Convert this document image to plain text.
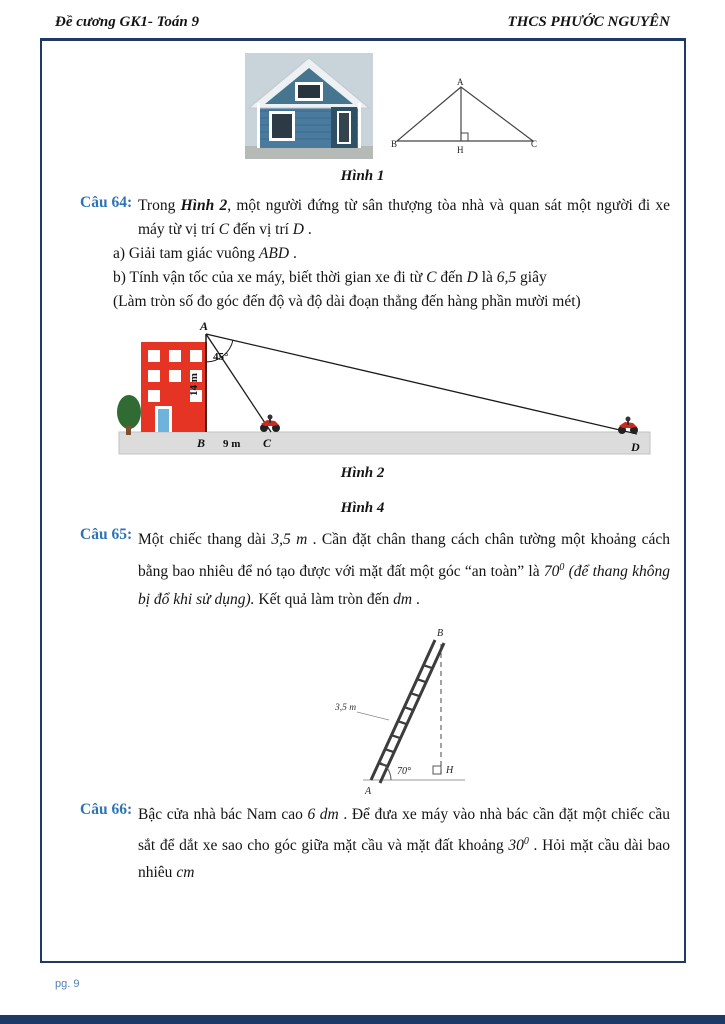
pg. 9
Đề cương GK1- Toán 9	THCS PHƯỚC NGUYÊN
A
B
H
C
Hình 1
Câu 64: Trong Hình 2, một người đứng từ sân thượng tòa nhà và quan sát một người đi xe máy từ vị trí C đến vị trí D .

a) Giải tam giác vuông ABD .

b) Tính vận tốc của xe máy, biết thời gian xe đi từ C đến D là 6,5 giây

(Làm tròn số đo góc đến độ và độ dài đoạn thẳng đến hàng phần mười mét)

A
45°
14 m
B 9 m C	D
Hình 2
Hình 4
Câu 65: Một chiếc thang dài 3,5 m . Cần đặt chân thang cách chân tường một khoảng cách bằng bao nhiêu để nó tạo được với mặt đất một góc “an toàn” là $70^0$ (để thang không bị đổ khi sử dụng). Kết quả làm tròn đến dm .

3,5 m
B
H
70°
A
Câu 66: Bậc cửa nhà bác Nam cao 6 dm . Để đưa xe máy vào nhà bác cần đặt một chiếc cầu sắt để dắt xe sao cho góc giữa mặt cầu và mặt đất khoảng $30^0$ . Hỏi mặt cầu dài bao nhiêu cm
